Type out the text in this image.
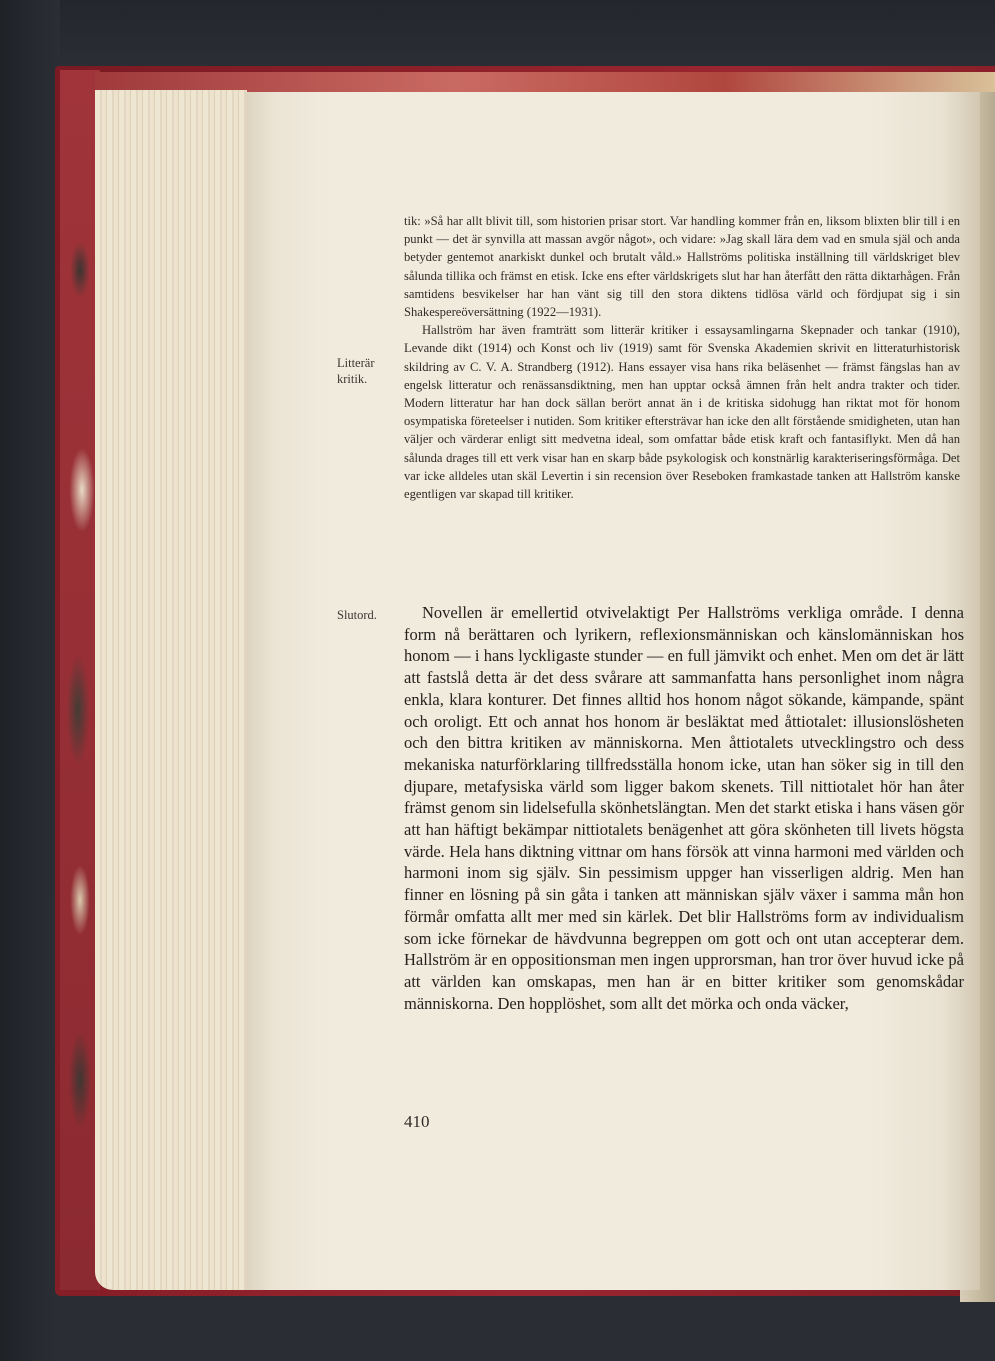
Litterär kritik.
Slutord.

tik: »Så har allt blivit till, som historien prisar stort. Var handling kommer från en, liksom blixten blir till i en punkt — det är synvilla att massan avgör något», och vidare: »Jag skall lära dem vad en smula själ och anda betyder gentemot anarkiskt dunkel och brutalt våld.» Hallströms politiska inställning till världskriget blev sålunda tillika och främst en etisk. Icke ens efter världskrigets slut har han återfått den rätta diktarhågen. Från samtidens besvikelser har han vänt sig till den stora diktens tidlösa värld och fördjupat sig i sin Shakespereöversättning (1922—1931).

Hallström har även framträtt som litterär kritiker i essaysamlingarna Skepnader och tankar (1910), Levande dikt (1914) och Konst och liv (1919) samt för Svenska Akademien skrivit en litteraturhistorisk skildring av C. V. A. Strandberg (1912). Hans essayer visa hans rika beläsenhet — främst fängslas han av engelsk litteratur och renässansdiktning, men han upptar också ämnen från helt andra trakter och tider. Modern litteratur har han dock sällan berört annat än i de kritiska sidohugg han riktat mot för honom osympatiska företeelser i nutiden. Som kritiker eftersträvar han icke den allt förstående smidigheten, utan han väljer och värderar enligt sitt medvetna ideal, som omfattar både etisk kraft och fantasiflykt. Men då han sålunda drages till ett verk visar han en skarp både psykologisk och konstnärlig karakteriseringsförmåga. Det var icke alldeles utan skäl Levertin i sin recension över Reseboken framkastade tanken att Hallström kanske egentligen var skapad till kritiker.

Novellen är emellertid otvivelaktigt Per Hallströms verkliga område. I denna form nå berättaren och lyrikern, reflexionsmänniskan och känslomänniskan hos honom — i hans lyckligaste stunder — en full jämvikt och enhet. Men om det är lätt att fastslå detta är det dess svårare att sammanfatta hans personlighet inom några enkla, klara konturer. Det finnes alltid hos honom något sökande, kämpande, spänt och oroligt. Ett och annat hos honom är besläktat med åttiotalet: illusionslösheten och den bittra kritiken av människorna. Men åttiotalets utvecklingstro och dess mekaniska naturförklaring tillfredsställa honom icke, utan han söker sig in till den djupare, metafysiska värld som ligger bakom skenets. Till nittiotalet hör han åter främst genom sin lidelsefulla skönhetslängtan. Men det starkt etiska i hans väsen gör att han häftigt bekämpar nittiotalets benägenhet att göra skönheten till livets högsta värde. Hela hans diktning vittnar om hans försök att vinna harmoni med världen och harmoni inom sig själv. Sin pessimism uppger han visserligen aldrig. Men han finner en lösning på sin gåta i tanken att människan själv växer i samma mån hon förmår omfatta allt mer med sin kärlek. Det blir Hallströms form av individualism som icke förnekar de hävdvunna begreppen om gott och ont utan accepterar dem. Hallström är en oppositionsman men ingen upprorsman, han tror över huvud icke på att världen kan omskapas, men han är en bitter kritiker som genomskådar människorna. Den hopplöshet, som allt det mörka och onda väcker,

410
